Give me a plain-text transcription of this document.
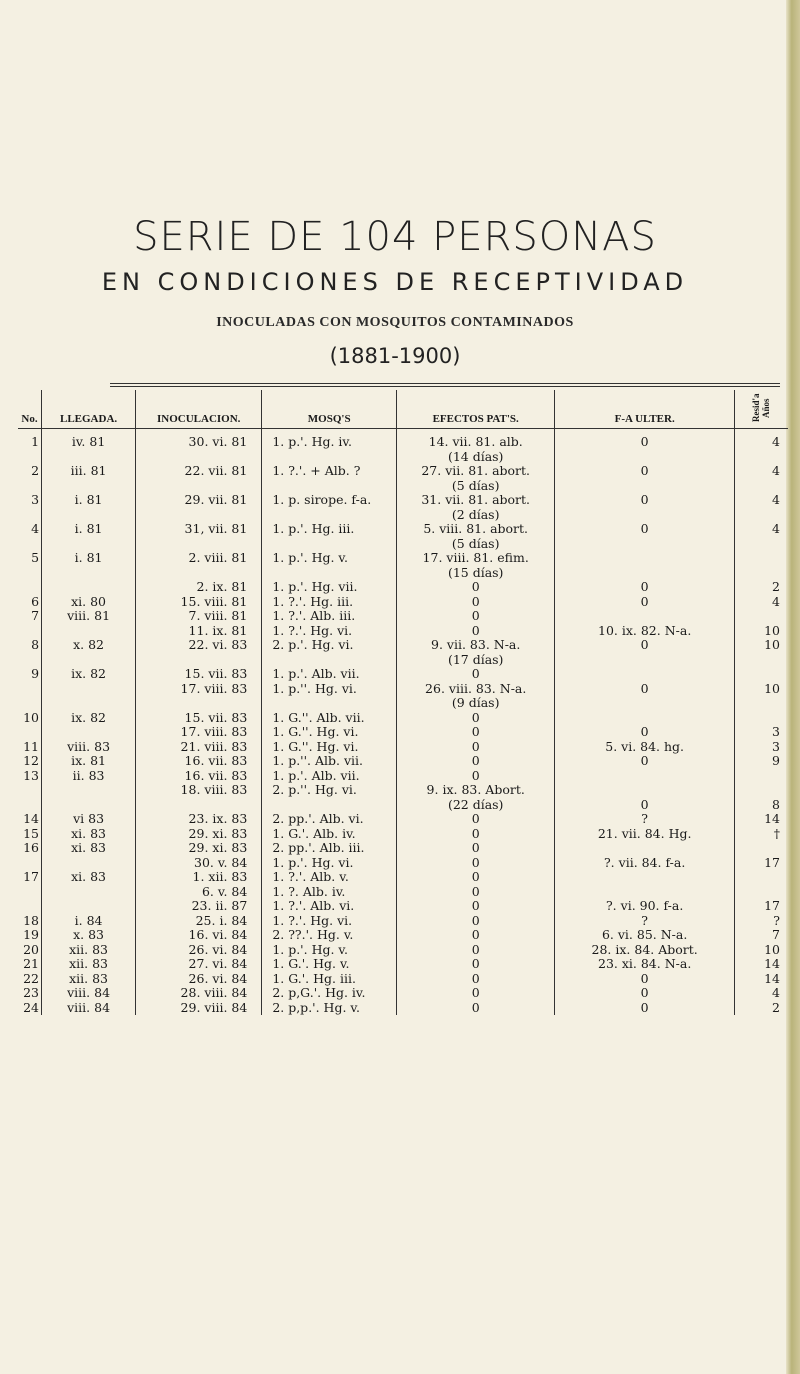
SERIE DE 104 PERSONAS
EN CONDICIONES DE RECEPTIVIDAD
INOCULADAS CON MOSQUITOS CONTAMINADOS
(1881-1900)
No.	LLEGADA.	INOCULACION.	MOSQ'S	EFECTOS PAT'S.	F-A ULTER.	Resid'a Años
1	iv. 81	30. vi. 81	1. p.'. Hg. iv.	14. vii. 81. alb.	0	4
				(14 días)		
2	iii. 81	22. vii. 81	1. ?.'. + Alb. ?	27. vii. 81. abort.	0	4
				(5 días)		
3	i. 81	29. vii. 81	1. p. sirope. f-a.	31. vii. 81. abort.	0	4
				(2 días)		
4	i. 81	31, vii. 81	1. p.'. Hg. iii.	5. viii. 81. abort.	0	4
				(5 días)		
5	i. 81	2. viii. 81	1. p.'. Hg. v.	17. viii. 81. efim.		
				(15 días)		
		2. ix. 81	1. p.'. Hg. vii.	0	0	2
6	xi. 80	15. viii. 81	1. ?.'. Hg. iii.	0	0	4
7	viii. 81	7. viii. 81	1. ?.'. Alb. iii.	0		
		11. ix. 81	1. ?.'. Hg. vi.	0	10. ix. 82. N-a.	10
8	x. 82	22. vi. 83	2. p.'. Hg. vi.	9. vii. 83. N-a.	0	10
				(17 días)		
9	ix. 82	15. vii. 83	1. p.'. Alb. vii.	0		
		17. viii. 83	1. p.''. Hg. vi.	26. viii. 83. N-a.	0	10
				(9 días)		
10	ix. 82	15. vii. 83	1. G.''. Alb. vii.	0		
		17. viii. 83	1. G.''. Hg. vi.	0	0	3
11	viii. 83	21. viii. 83	1. G.''. Hg. vi.	0	5. vi. 84. hg.	3
12	ix. 81	16. vii. 83	1. p.''. Alb. vii.	0	0	9
13	ii. 83	16. vii. 83	1. p.'. Alb. vii.	0		
		18. viii. 83	2. p.''. Hg. vi.	9. ix. 83. Abort.		
				(22 días)	0	8
14	vi 83	23. ix. 83	2. pp.'. Alb. vi.	0	?	14
15	xi. 83	29. xi. 83	1. G.'. Alb. iv.	0	21. vii. 84. Hg.	†
16	xi. 83	29. xi. 83	2. pp.'. Alb. iii.	0		
		30. v. 84	1. p.'. Hg. vi.	0	?. vii. 84. f-a.	17
17	xi. 83	1. xii. 83	1. ?.'. Alb. v.	0		
		6. v. 84	1. ?. Alb. iv.	0		
		23. ii. 87	1. ?.'. Alb. vi.	0	?. vi. 90. f-a.	17
18	i. 84	25. i. 84	1. ?.'. Hg. vi.	0	?	?
19	x. 83	16. vi. 84	2. ??.'. Hg. v.	0	6. vi. 85. N-a.	7
20	xii. 83	26. vi. 84	1. p.'. Hg. v.	0	28. ix. 84. Abort.	10
21	xii. 83	27. vi. 84	1. G.'. Hg. v.	0	23. xi. 84. N-a.	14
22	xii. 83	26. vi. 84	1. G.'. Hg. iii.	0	0	14
23	viii. 84	28. viii. 84	2. p,G.'. Hg. iv.	0	0	4
24	viii. 84	29. viii. 84	2. p,p.'. Hg. v.	0	0	2
